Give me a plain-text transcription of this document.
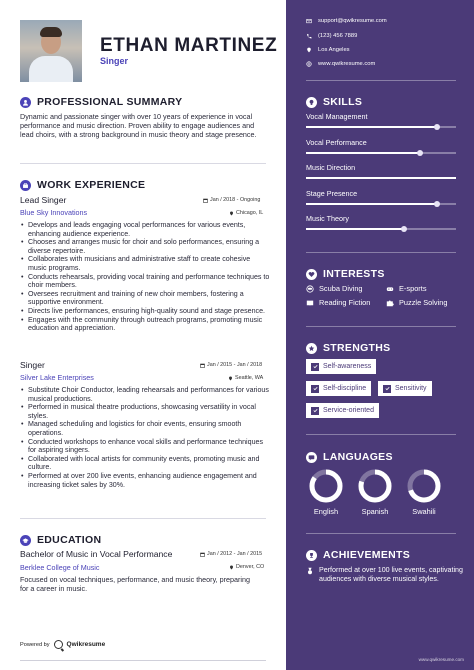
ETHAN MARTINEZ
Singer
PROFESSIONAL SUMMARY
Dynamic and passionate singer with over 10 years of experience in vocal performance and music direction. Proven ability to engage audiences and lead choirs, with a strong background in music theory and stage presence.
WORK EXPERIENCE
Lead Singer	Jan / 2018 - Ongoing
Blue Sky Innovations	Chicago, IL
• Develops and leads engaging vocal performances for various events, enhancing audience experience.
• Chooses and arranges music for choir and solo performances, ensuring a diverse repertoire.
• Collaborates with musicians and administrative staff to create cohesive music programs.
• Conducts rehearsals, providing vocal training and performance techniques to choir members.
• Oversees recruitment and training of new choir members, fostering a supportive environment.
• Directs live performances, ensuring high-quality sound and stage presence.
• Engages with the community through outreach programs, promoting music education and appreciation.
Singer	Jan / 2015 - Jan / 2018
Silver Lake Enterprises	Seattle, WA
• Substitute Choir Conductor, leading rehearsals and performances for various musical productions.
• Performed in musical theatre productions, showcasing versatility in vocal styles.
• Managed scheduling and logistics for choir events, ensuring smooth operations.
• Conducted workshops to enhance vocal skills and performance techniques for aspiring singers.
• Collaborated with local artists for community events, promoting music and culture.
• Performed at over 200 live events, enhancing audience engagement and increasing ticket sales by 30%.
EDUCATION
Bachelor of Music in Vocal Performance	Jan / 2012 - Jan / 2015
Berklee College of Music	Denver, CO
Focused on vocal techniques, performance, and music theory, preparing for a career in music.
Powered by	Qwikresume
support@qwikresume.com
(123) 456 7889
Los Angeles
www.qwikresume.com
SKILLS
Vocal Management
Vocal Performance
Music Direction
Stage Presence
Music Theory
INTERESTS
Scuba Diving	E-sports
Reading Fiction	Puzzle Solving
STRENGTHS
Self-awareness
Self-discipline	Sensitivity
Service-oriented
LANGUAGES
English	Spanish	Swahili
ACHIEVEMENTS
Performed at over 100 live events, captivating audiences with diverse musical styles.
www.qwikresume.com
